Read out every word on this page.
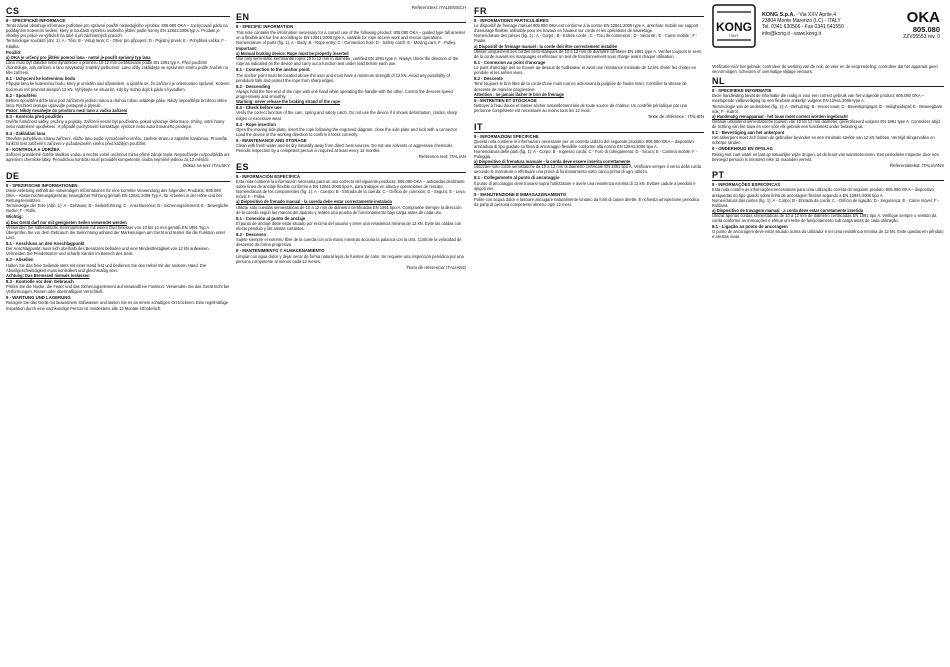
CS
8 - SPECIFICKÉ INFORMACE

Tento návod obsahuje informace potřebné pro správné použití následujícího výrobku: 805.080 OKA – zachycovač pádu na poddajném kotevním vedení, který je součástí systému osobního jištění podle normy EN 12841:2006 typ A. Produkt je vhodný pro práce ve výškách na laně a při záchranných pracích.

Terminologie součástí (obr. 1): A - Tělo; B - Vstup lana; C - Otvor pro připojení; D - Pojistný prvek; E - Pohyblivá vačka; F - Kladka.

Použití:
a) OKA je určený pro jištění pomocí lana - nutné je použít správný typ lana

Lano musí být statické nebo dynamické o průměru 10-12 mm certifikované podle EN 1891 typ A. Před použitím zkontrolujte, zda zařízení a lano nevykazují známky poškození. Lano vždy zakládejte ve správném směru podle značek na těle zařízení.

8.1 - Uchycení ke kotevnímu bodu

Připojte lano ke kotevnímu bodu, který je umístěn nad uživatelem, a ujistěte se, že zařízení je orientováno správně. Kotevní bod musí mít pevnost alespoň 12 kN. Vyhýbejte se situacím, kdy by mohlo dojít k pádu s kyvadlem.

8.2 - Spouštění

Během spouštění držte lano pod zařízením jednou rukou a druhou rukou ovládejte páku. Nikdy nepouštějte brzdnou větev lana. Rychlost sestupu upravujte postupně a plynule.

Pozor: Nikdy nesahejte do prostoru mezi lano a vačku zařízení
8.3 - Kontrola před použitím

Ověřte funkčnost vačky, pružiny a pojistky. Zařízení nesmí být používáno, pokud vykazuje deformace, trhliny, ostré hrany nebo nadměrné opotřebení. V případě pochybností kontaktujte výrobce nebo autorizovaného prodejce.

8.4 - Zakládání lana

Otevřete pohyblivou stranu zařízení, vložte lano podle vyznačeného směru, zavřete stranu a zajistěte karabinou. Proveďte funkční test zatížením zařízení v požadovaném směru před každým použitím.

9 - KONTROLA A ÚDRŽBA

Zařízení pravidelně čistěte sladkou vodou a nechte volně uschnout mimo přímé zdroje tepla. Nepoužívejte rozpouštědla ani agresivní chemické látky. Periodickou kontrolu musí provádět kompetentní osoba nejméně jednou za 12 měsíců.

Odkaz na text: ITALSKÝ
DE
8 - SPEZIFISCHE INFORMATIONEN

Diese Anleitung enthält die notwendigen Informationen für eine korrekte Verwendung des folgenden Produkts: 805.080 OKA – Absturzsicherungsgerät an beweglicher Führung gemäß EN 12841:2006 Typ A, für Arbeiten in der Höhe und bei Rettungseinsätzen.

Terminologie der Teile (Abb. 1): A - Gehäuse; B - Seileinführung; C - Anschlussöse; D - Sicherungselement; E - Bewegliche Nocke; F - Rolle.

Wichtig:
a) Das Gerät darf nur mit geeigneten Seilen verwendet werden

Verwenden Sie halbstatische Kernmantelseile mit einem Durchmesser von 10 bis 12 mm gemäß EN 1891 Typ A. Überprüfen Sie vor dem Gebrauch die Seilrichtung anhand der Markierungen am Gerät und testen Sie die Funktion unter Last.

8.1 - Anschluss an den Anschlagpunkt

Der Anschlagpunkt muss sich oberhalb des Benutzers befinden und eine Mindestfestigkeit von 12 kN aufweisen. Vermeiden Sie Pendelstürze und scharfe Kanten im Bereich des Seils.

8.2 - Abseilen

Halten Sie das freie Seilende stets mit einer Hand fest und bedienen Sie den Hebel mit der anderen Hand. Die Abseilgeschwindigkeit muss kontrolliert und gleichmäßig sein.

Achtung: Das Bremsseil niemals loslassen
8.3 - Kontrolle vor dem Gebrauch

Prüfen Sie die Nocke, die Feder und das Sicherungselement auf einwandfreie Funktion. Verwenden Sie das Gerät nicht bei Verformungen, Rissen oder übermäßigem Verschleiß.

9 - WARTUNG UND LAGERUNG

Reinigen Sie das Gerät mit lauwarmem Süßwasser und lassen Sie es an einem schattigen Ort trocknen. Eine regelmäßige Inspektion durch eine sachkundige Person ist mindestens alle 12 Monate erforderlich.

Referenztext: ITALIENISCH
EN
8 - SPECIFIC INFORMATION

This note contains the information necessary for a correct use of the following product: 805.080 OKA – guided type fall arrester on a flexible anchor line according to EN 12841:2006 type A, suitable for rope access work and rescue operations.

Nomenclature of parts (fig. 1): A - Body; B - Rope entry; C - Connection hole; D - Safety catch; E - Moving cam; F - Pulley.

Important:
a) Manual braking device. Rope must be properly inserted

Use only semi-static kernmantle ropes 10 to 12 mm in diameter, certified EN 1891 type A. Always check the direction of the rope as indicated on the device and carry out a function test under load before each use.

8.1 - Connection to the anchor point

The anchor point must be located above the user and must have a minimum strength of 12 kN. Avoid any possibility of pendulum falls and protect the rope from sharp edges.

8.2 - Descending

Always hold the free end of the rope with one hand while operating the handle with the other. Control the descent speed progressively and smoothly.

Warning: never release the braking strand of the rope
8.3 - Check before use

Verify the correct function of the cam, spring and safety catch. Do not use the device if it shows deformation, cracks, sharp edges or excessive wear.

8.4 - Rope insertion

Open the moving side plate, insert the rope following the engraved diagram, close the side plate and lock with a connector. Load the device in the working direction to confirm it locks correctly.

9 - MAINTENANCE AND STORAGE

Clean with fresh water and let dry naturally away from direct heat sources. Do not use solvents or aggressive chemicals. Periodic inspection by a competent person is required at least every 12 months.

Reference text: ITALIAN
ES
8 - INFORMACIÓN ESPECÍFICA

Esta nota contiene la información necesaria para un uso correcto del siguiente producto: 805.080 OKA – anticaídas deslizante sobre línea de anclaje flexible conforme a EN 12841:2006 tipo A, para trabajos en altura y operaciones de rescate.

Nomenclatura de los componentes (fig. 1): A - Cuerpo; B - Entrada de la cuerda; C - Orificio de conexión; D - Seguro; E - Leva móvil; F - Polea.

a) Dispositivo de frenado manual - la cuerda debe estar correctamente instalada

Utilizar sólo cuerdas semiestáticas de 10 a 12 mm de diámetro certificadas EN 1891 tipo A. Compruebe siempre la dirección de la cuerda según las marcas del aparato y realice una prueba de funcionamiento bajo carga antes de cada uso.

8.1 - Conexión al punto de anclaje

El punto de anclaje debe estar situado por encima del usuario y tener una resistencia mínima de 12 kN. Evite las caídas con efecto péndulo y las aristas cortantes.

8.2 - Descenso

Sujete siempre el extremo libre de la cuerda con una mano mientras acciona la palanca con la otra. Controle la velocidad de descenso de forma progresiva.

9 - MANTENIMIENTO Y ALMACENAMIENTO

Limpiar con agua dulce y dejar secar de forma natural lejos de fuentes de calor. Se requiere una inspección periódica por una persona competente al menos cada 12 meses.

Texto de referencia: ITALIANO
FR
8 - INFORMATIONS PARTICULIÈRES

Le dispositif de freinage manuel 805.080 OKA est conforme à la norme EN 12841:2006 type A, antichute mobile sur support d'assurage flexible, utilisable pour les travaux en hauteur sur corde et les opérations de sauvetage.

Nomenclature des pièces (fig. 1) : A - Corps ; B - Entrée corde ; C - Trou de connexion ; D - Sécurité ; E - Came mobile ; F - Poulie.

a) Dispositif de freinage manuel - la corde doit être correctement installée

Utiliser uniquement des cordes semi-statiques de 10 à 12 mm de diamètre certifiées EN 1891 type A. Vérifier toujours le sens de la corde suivant les marquages et effectuer un test de fonctionnement sous charge avant chaque utilisation.

8.1 - Connexion au point d'ancrage

Le point d'ancrage doit se trouver au-dessus de l'utilisateur et avoir une résistance minimale de 12 kN. Éviter les chutes en pendule et les arêtes vives.

8.2 - Descente

Tenir toujours le brin libre de la corde d'une main tout en actionnant la poignée de l'autre main. Contrôler la vitesse de descente de manière progressive.

Attention : ne jamais lâcher le brin de freinage
9 - ENTRETIEN ET STOCKAGE

Nettoyer à l'eau douce et laisser sécher naturellement loin de toute source de chaleur. Un contrôle périodique par une personne compétente est nécessaire au moins tous les 12 mois.

Texte de référence : ITALIEN
IT
8 - INFORMAZIONI SPECIFICHE

Questa nota contiene le informazioni necessarie per un corretto utilizzo del seguente prodotto: 805.080 OKA – dispositivo anticaduta di tipo guidato su linea di ancoraggio flessibile conforme alla norma EN 12841:2006 tipo A.

Nomenclatura delle parti (fig. 1): A - Corpo; B - Ingresso corda; C - Foro di collegamento; D - Sicura; E - Camma mobile; F - Puleggia.

a) Dispositivo di frenatura manuale - la corda deve essere inserita correttamente

Utilizzare solo corde semistatiche da 10 a 12 mm di diametro certificate EN 1891 tipo A. Verificare sempre il verso della corda secondo le marcature e effettuare una prova di funzionamento sotto carico prima di ogni utilizzo.

8.1 - Collegamento al punto di ancoraggio

Il punto di ancoraggio deve trovarsi sopra l'utilizzatore e avere una resistenza minima di 12 kN. Evitare cadute a pendolo e spigoli vivi.

9 - MANUTENZIONE E IMMAGAZZINAMENTO

Pulire con acqua dolce e lasciare asciugare naturalmente lontano da fonti di calore dirette. È richiesta un'ispezione periodica da parte di persona competente almeno ogni 12 mesi.

KONG
ITALY
KONG S.p.A. - Via XXV Aprile,4
23804 Monte Marenzo (LC) - ITALY
Tel. 0341 630506 - Fax 0341 641550
info@kong.it - www.kong.it
OKA
805.080
ZZV05553 rev. 0

Verificatie vóór het gebruik: controleer de werking van de nok, de veer en de vergrendeling; controleer dat het apparaat geen vervormingen, scheuren of overmatige slijtage vertoont.

NL
8 - SPECIFIEKE INFORMATIE

Deze handleiding bevat de informatie die nodig is voor een correct gebruik van het volgende product: 805.080 OKA – meelopende valbeveiliging op een flexibele ankerlijn volgens EN 12841:2006 type A.

Terminologie van de onderdelen (fig. 1): A - Behuizing; B - Invoer touw; C - Bevestigingsgat; D - Veiligheidspal; E - Beweegbare nok; F - Katrol.

a) Handmatig remapparaat - het touw moet correct worden ingebracht

Gebruik uitsluitend semi-statische touwen van 10 tot 12 mm diameter, gecertificeerd volgens EN 1891 type A. Controleer altijd de richting van het touw en voer vóór elk gebruik een functietest onder belasting uit.

8.1 - Bevestiging aan het ankerpunt

Het ankerpunt moet zich boven de gebruiker bevinden en een minimale sterkte van 12 kN hebben. Vermijd slingervallen en scherpe randen.

9 - ONDERHOUD EN OPSLAG

Reinig met zoet water en laat op natuurlijke wijze drogen, uit de buurt van warmtebronnen. Een periodieke inspectie door een bevoegd persoon is minstens elke 12 maanden vereist.

Referentietekst: ITALIAANS
PT
8 - INFORMAÇÕES ESPECÍFICAS

Esta nota contém as informações necessárias para uma utilização correta do seguinte produto: 805.080 OKA – dispositivo antiquedas do tipo guiado sobre linha de ancoragem flexível segundo a EN 12841:2006 tipo A.

Nomenclatura das partes (fig. 1): A - Corpo; B - Entrada da corda; C - Orifício de ligação; D - Segurança; E - Came móvel; F - Roldana.

a) Dispositivo de travagem manual - a corda deve estar corretamente inserida

Utilizar apenas cordas semiestáticas de 10 a 12 mm de diâmetro certificadas EN 1891 tipo A. Verifique sempre o sentido da corda conforme as marcações e efetue um teste de funcionamento sob carga antes de cada utilização.

8.1 - Ligação ao ponto de ancoragem

O ponto de ancoragem deve estar situado acima do utilizador e ter uma resistência mínima de 12 kN. Evite quedas em pêndulo e arestas vivas.
